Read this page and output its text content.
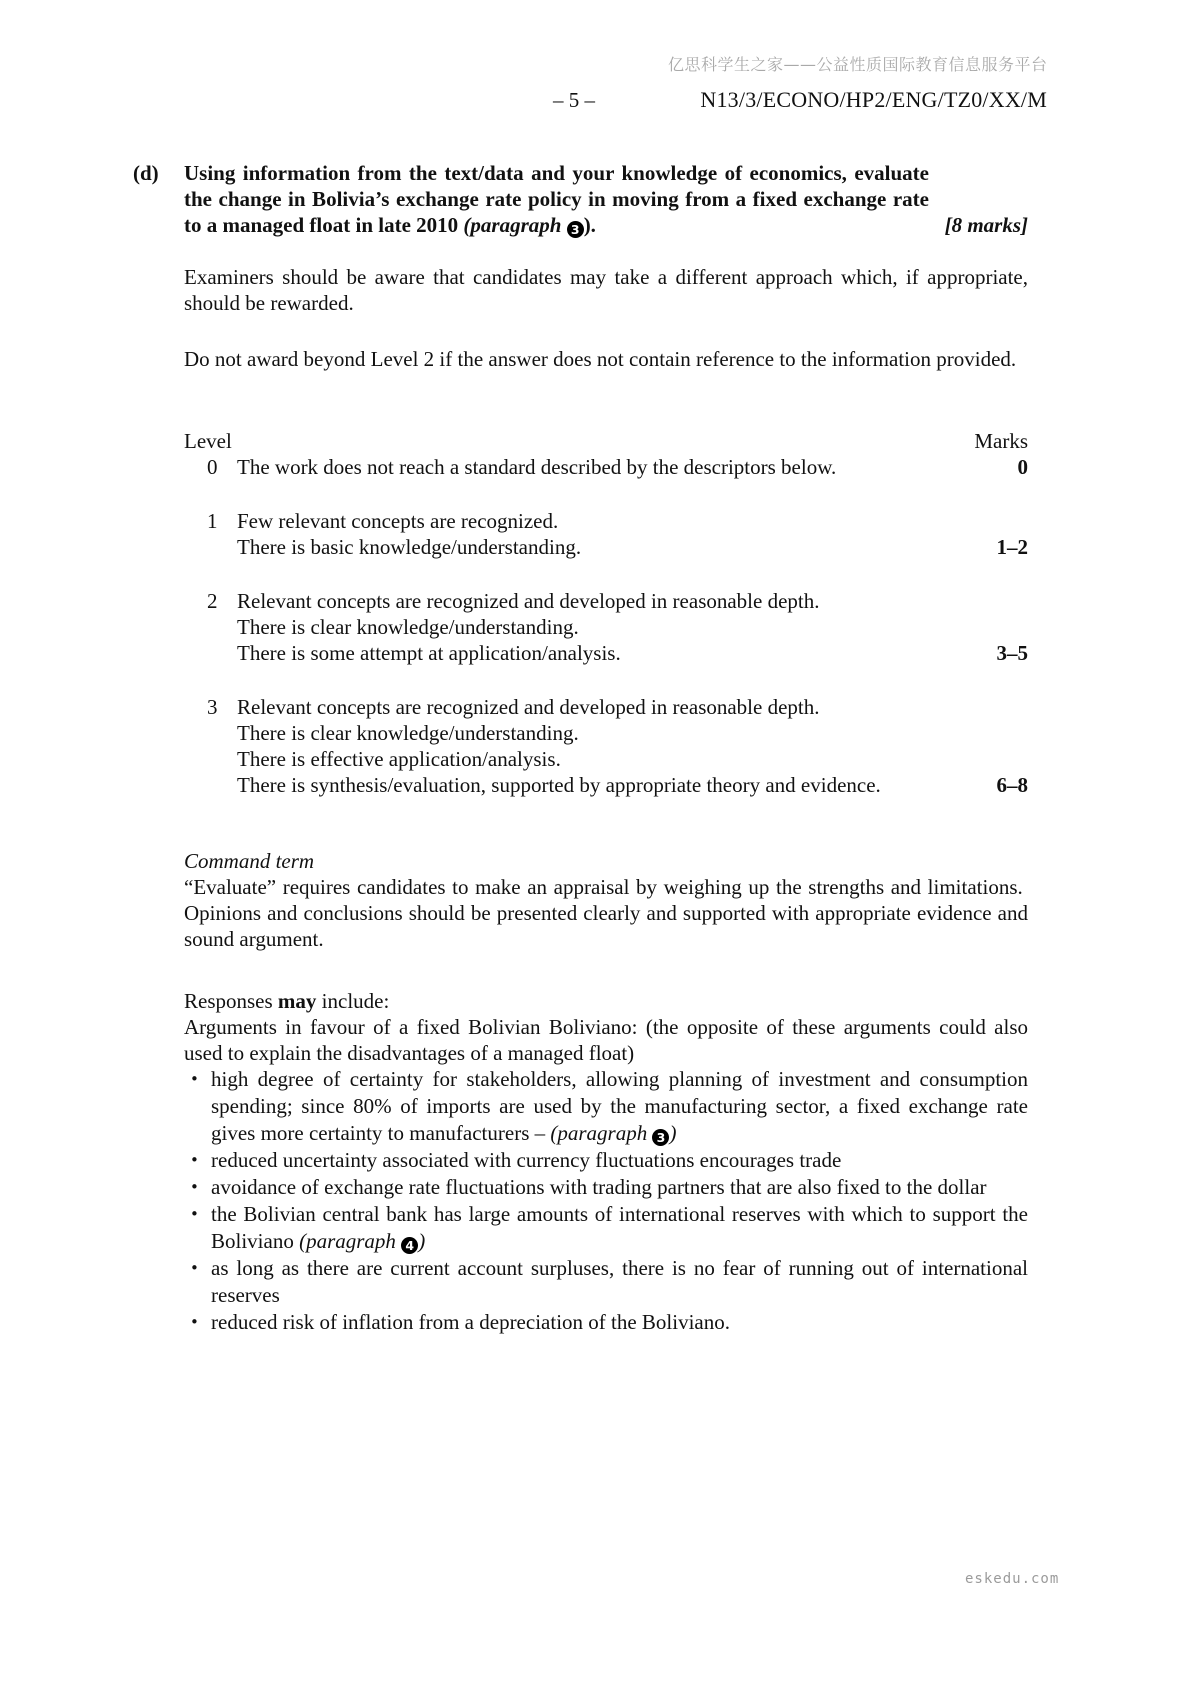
亿思科学生之家——公益性质国际教育信息服务平台
– 5 –	N13/3/ECONO/HP2/ENG/TZ0/XX/M
(d)	Using information from the text/data and your knowledge of economics, evaluate the change in Bolivia’s exchange rate policy in moving from a fixed exchange rate to a managed float in late 2010 (paragraph 3 ).	[8 marks]
Examiners should be aware that candidates may take a different approach which, if appropriate, should be rewarded.
Do not award beyond Level 2 if the answer does not contain reference to the information provided.
Level	Marks
0 The work does not reach a standard described by the descriptors below.	0
1 Few relevant concepts are recognized.
There is basic knowledge/understanding.	1–2
2 Relevant concepts are recognized and developed in reasonable depth.
There is clear knowledge/understanding.
There is some attempt at application/analysis.	3–5
3 Relevant concepts are recognized and developed in reasonable depth.
There is clear knowledge/understanding.
There is effective application/analysis.
There is synthesis/evaluation, supported by appropriate theory and evidence.	6–8
Command term
“Evaluate” requires candidates to make an appraisal by weighing up the strengths and limitations.  Opinions and conclusions should be presented clearly and supported with appropriate evidence and sound argument.
Responses may include:
Arguments in favour of a fixed Bolivian Boliviano: (the opposite of these arguments could also used to explain the disadvantages of a managed float)
•
high degree of certainty for stakeholders, allowing planning of investment and consumption spending; since 80% of imports are used by the manufacturing sector, a fixed exchange rate gives more certainty to manufacturers – (paragraph 3 )
•
reduced uncertainty associated with currency fluctuations encourages trade
•
avoidance of exchange rate fluctuations with trading partners that are also fixed to the dollar
•
the Bolivian central bank has large amounts of international reserves with which to support the Boliviano (paragraph 4 )
•
as long as there are current account surpluses, there is no fear of running out of international reserves
•
reduced risk of inflation from a depreciation of the Boliviano.
eskedu.com
